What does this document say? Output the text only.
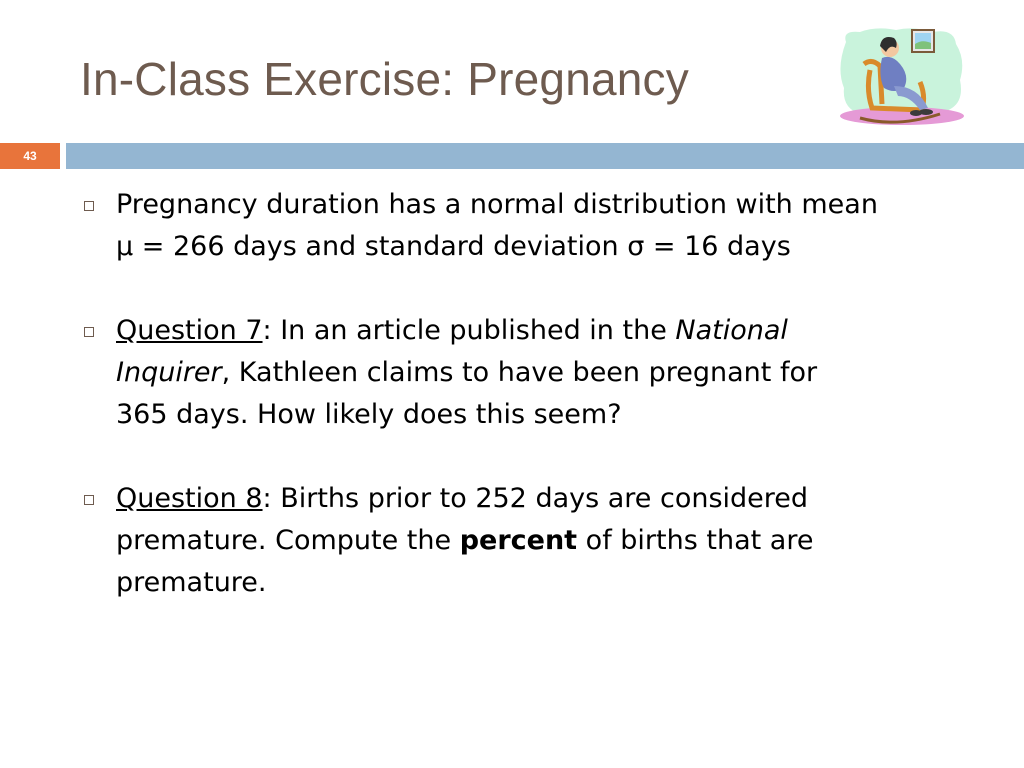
In-Class Exercise: Pregnancy
43
Pregnancy duration has a normal distribution with mean
μ = 266 days and standard deviation σ = 16 days
Question 7: In an article published in the National
Inquirer, Kathleen claims to have been pregnant for
365 days. How likely does this seem?
Question 8: Births prior to 252 days are considered
premature. Compute the percent of births that are
premature.
